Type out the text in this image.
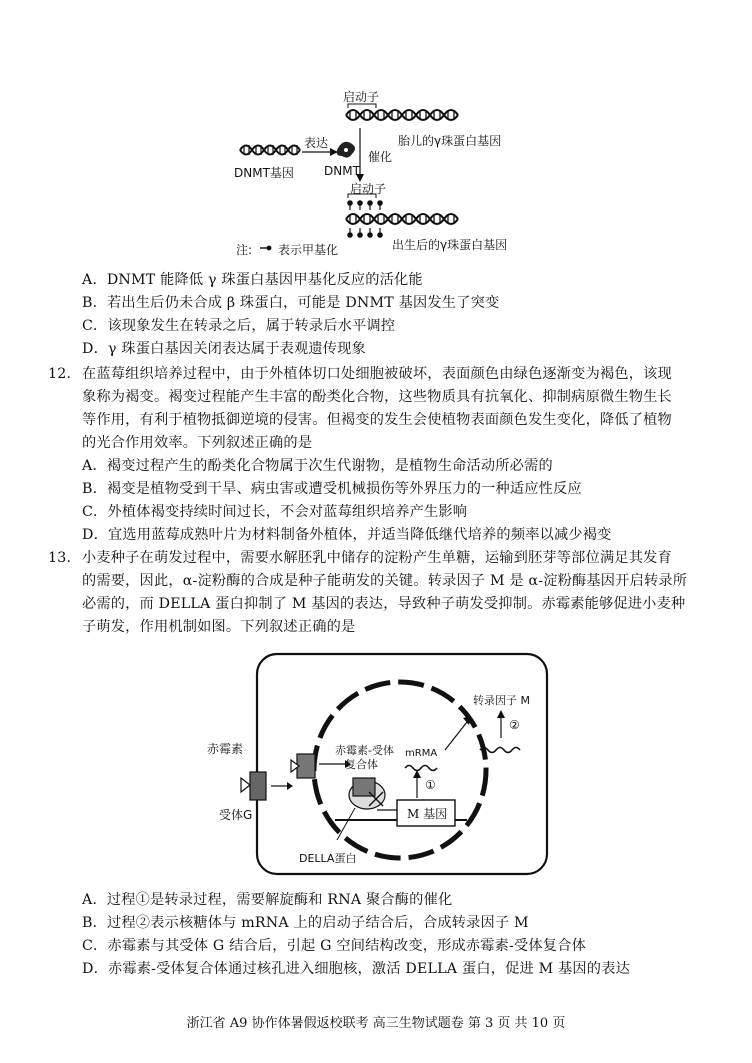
启动子
胎儿的γ珠蛋白基因
表达
催化
DNMT基因	DNMT
启动子
出生后的γ珠蛋白基因
注: 表示甲基化
A．DNMT 能降低 γ 珠蛋白基因甲基化反应的活化能
B．若出生后仍未合成 β 珠蛋白，可能是 DNMT 基因发生了突变
C．该现象发生在转录之后，属于转录后水平调控
D．γ 珠蛋白基因关闭表达属于表观遗传现象
12. 在蓝莓组织培养过程中，由于外植体切口处细胞被破坏，表面颜色由绿色逐渐变为褐色，该现
象称为褐变。褐变过程能产生丰富的酚类化合物，这些物质具有抗氧化、抑制病原微生物生长
等作用，有利于植物抵御逆境的侵害。但褐变的发生会使植物表面颜色发生变化，降低了植物
的光合作用效率。下列叙述正确的是
A．褐变过程产生的酚类化合物属于次生代谢物，是植物生命活动所必需的
B．褐变是植物受到干旱、病虫害或遭受机械损伤等外界压力的一种适应性反应
C．外植体褐变持续时间过长，不会对蓝莓组织培养产生影响
D．宜选用蓝莓成熟叶片为材料制备外植体，并适当降低继代培养的频率以减少褐变
13. 小麦种子在萌发过程中，需要水解胚乳中储存的淀粉产生单糖，运输到胚芽等部位满足其发育
的需要，因此，α-淀粉酶的合成是种子能萌发的关键。转录因子 M 是 α-淀粉酶基因开启转录所
必需的，而 DELLA 蛋白抑制了 M 基因的表达，导致种子萌发受抑制。赤霉素能够促进小麦种
子萌发，作用机制如图。下列叙述正确的是
赤霉素
受体G
赤霉素-受体
复合体
mRMA
①
②
转录因子 M
M 基因
DELLA蛋白
A．过程①是转录过程，需要解旋酶和 RNA 聚合酶的催化
B．过程②表示核糖体与 mRNA 上的启动子结合后，合成转录因子 M
C．赤霉素与其受体 G 结合后，引起 G 空间结构改变，形成赤霉素-受体复合体
D．赤霉素-受体复合体通过核孔进入细胞核，激活 DELLA 蛋白，促进 M 基因的表达
浙江省 A9 协作体暑假返校联考 高三生物试题卷 第 3 页 共 10 页
